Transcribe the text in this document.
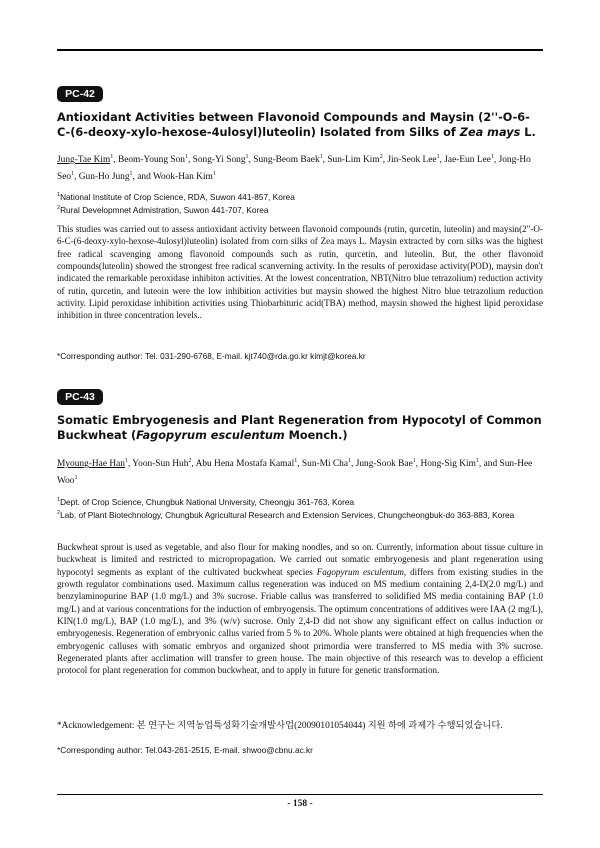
PC-42
Antioxidant Activities between Flavonoid Compounds and Maysin (2''-O-6-C-(6-deoxy-xylo-hexose-4ulosyl)luteolin) Isolated from Silks of Zea mays L.

Jung-Tae Kim$^1$, Beom-Young Son$^1$, Song-Yi Song$^1$, Sung-Beom Baek$^1$, Sun-Lim Kim$^2$, Jin-Seok Lee$^1$, Jae-Eun Lee$^1$, Jong-Ho Seo$^1$, Gun-Ho Jung$^1$, and Wook-Han Kim$^1$

$^1$National Institute of Crop Science, RDA, Suwon 441-857, Korea
$^2$Rural Developmnet Admistration, Suwon 441-707, Korea

This studies was carried out to assess antioxidant activity between flavonoid compounds (rutin, qurcetin, luteolin) and maysin(2"-O-6-C-(6-deoxy-xylo-hexose-4ulosyl)luteolin) isolated from corn silks of Zea mays L. Maysin extracted by corn silks was the highest free radical scavenging among flavonoid compounds such as rutin, qurcetin, and luteolin. But, the other flavonoid compounds(luteolin) showed the strongest free radical scanverning activity. In the results of peroxidase activity(POD), maysin don't indicated the remarkable peroxidase inhibiton activities. At the lowest concentration, NBT(Nitro blue tetrazolium) reduction activity of rutin, qurcetin, and luteoin were the low inhibition activities but maysin showed the highest Nitro blue tetrazolium reduction activity. Lipid peroxidase inhibition activities using Thiobarbituric acid(TBA) method, maysin showed the highest lipid peroxidase inhibition in three concentration levels..

*Corresponding author: Tel. 031-290-6768, E-mail. kjt740@rda.go.kr kimjt@korea.kr

PC-43
Somatic Embryogenesis and Plant Regeneration from Hypocotyl of Common Buckwheat (Fagopyrum esculentum Moench.)

Myoung-Hae Han$^1$, Yoon-Sun Huh$^2$, Abu Hena Mostafa Kamal$^1$, Sun-Mi Cha$^1$, Jung-Sook Bae$^1$, Hong-Sig Kim$^1$, and Sun-Hee Woo$^1$

$^1$Dept. of Crop Science, Chungbuk National University, Cheongju 361-763, Korea
$^2$Lab. of Plant Biotechnology, Chungbuk Agricultural Research and Extension Services, Chungcheongbuk-do 363-883, Korea

Buckwheat sprout is used as vegetable, and also flour for making noodles, and so on. Currently, information about tissue culture in buckwheat is limited and restricted to micropropagation. We carried out somatic embryogenesis and plant regeneration using hypocotyl segments as explant of the cultivated buckwheat species Fagopyrum esculentum, differs from existing studies in the growth regulator combinations used. Maximum callus regeneration was induced on MS medium containing 2,4-D(2.0 mg/L) and benzylaminopurine BAP (1.0 mg/L) and 3% sucrose. Friable callus was transferred to solidified MS media containing BAP (1.0 mg/L) and at various concentrations for the induction of embryogensis. The optimum concentrations of additives were IAA (2 mg/L), KIN(1.0 mg/L), BAP (1.0 mg/L), and 3% (w/v) sucrose. Only 2,4-D did not show any significant effect on callus induction or embryogenesis. Regeneration of embryonic callus varied from 5 % to 20%. Whole plants were obtained at high frequencies when the embryogenic calluses with somatic embryos and organized shoot primordia were transferred to MS media with 3% sucrose. Regenerated plants after acclimation will transfer to green house. The main objective of this research was to develop a efficient protocol for plant regeneration for common buckwheat, and to apply in future for genetic transformation.

*Acknowledgement: 본 연구는 지역농업특성화기술개발사업(20090101054044) 지원 하에 과제가 수행되었습니다.

*Corresponding author: Tel.043-261-2515, E-mail. shwoo@cbnu.ac.kr

- 158 -
